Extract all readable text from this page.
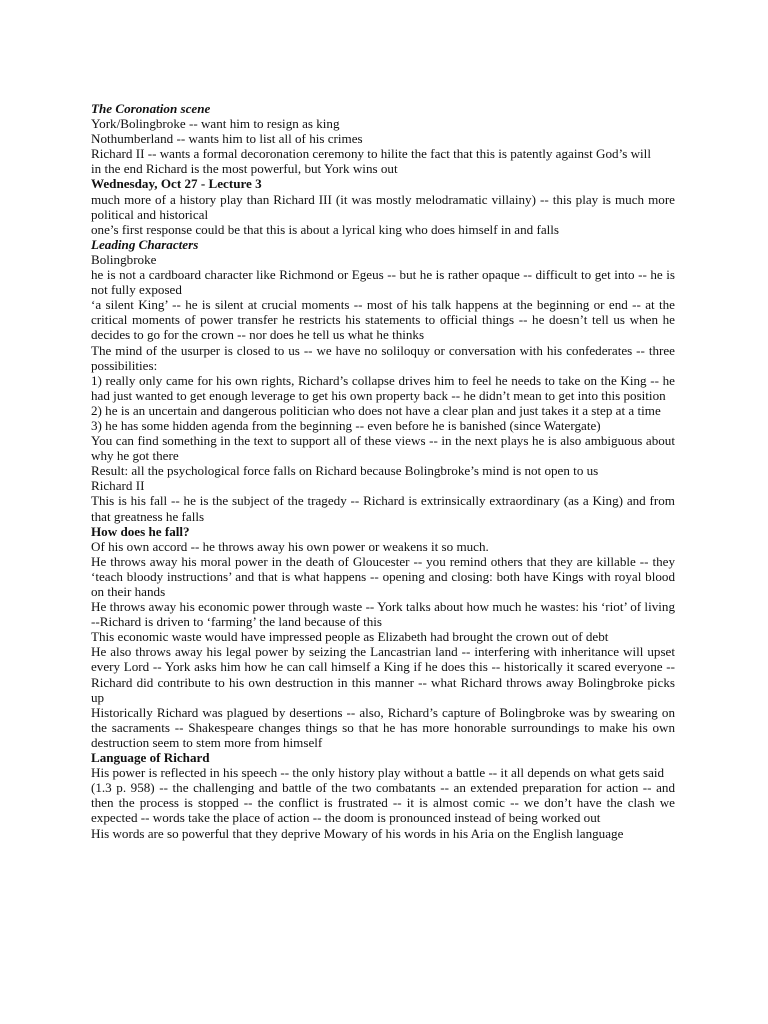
The Coronation scene

York/Bolingbroke -- want him to resign as king

Nothumberland -- wants him to list all of his crimes

Richard II -- wants a formal decoronation ceremony to hilite the fact that this is patently against God’s will

in the end Richard is the most powerful, but York wins out

Wednesday, Oct 27 - Lecture 3

much more of a history play than Richard III (it was mostly melodramatic villainy) -- this play is much more political and historical

one’s first response could be that this is about a lyrical king who does himself in and falls

Leading Characters

Bolingbroke

he is not a cardboard character like Richmond or Egeus -- but he is rather opaque -- difficult to get into -- he is not fully exposed

‘a silent King’ -- he is silent at crucial moments -- most of his talk happens at the beginning or end -- at the critical moments of power transfer he restricts his statements to official things -- he doesn’t tell us when he decides to go for the crown -- nor does he tell us what he thinks

The mind of the usurper is closed to us -- we have no soliloquy or conversation with his confederates -- three possibilities:

1) really only came for his own rights, Richard’s collapse drives him to feel he needs to take on the King -- he had just wanted to get enough leverage to get his own property back -- he didn’t mean to get into this position

2) he is an uncertain and dangerous politician who does not have a clear plan and just takes it a step at a time

3) he has some hidden agenda from the beginning -- even before he is banished (since Watergate)

You can find something in the text to support all of these views -- in the next plays he is also ambiguous about why he got there

Result: all the psychological force falls on Richard because Bolingbroke’s mind is not open to us

Richard II

This is his fall -- he is the subject of the tragedy -- Richard is extrinsically extraordinary (as a King) and from that greatness he falls

How does he fall?

Of his own accord -- he throws away his own power or weakens it so much.

He throws away his moral power in the death of Gloucester -- you remind others that they are killable -- they ‘teach bloody instructions’ and that is what happens -- opening and closing: both have Kings with royal blood on their hands

He throws away his economic power through waste -- York talks about how much he wastes: his ‘riot’ of living --Richard is driven to ‘farming’ the land because of this

This economic waste would have impressed people as Elizabeth had brought the crown out of debt

He also throws away his legal power by seizing the Lancastrian land -- interfering with inheritance will upset every Lord -- York asks him how he can call himself a King if he does this -- historically it scared everyone -- Richard did contribute to his own destruction in this manner -- what Richard throws away Bolingbroke picks up

Historically Richard was plagued by desertions -- also, Richard’s capture of Bolingbroke was by swearing on the sacraments -- Shakespeare changes things so that he has more honorable surroundings to make his own destruction seem to stem more from himself

Language of Richard

His power is reflected in his speech -- the only history play without a battle -- it all depends on what gets said

(1.3 p. 958) -- the challenging and battle of the two combatants -- an extended preparation for action -- and then the process is stopped -- the conflict is frustrated -- it is almost comic -- we don’t have the clash we expected -- words take the place of action -- the doom is pronounced instead of being worked out

His words are so powerful that they deprive Mowary of his words in his Aria on the English language
